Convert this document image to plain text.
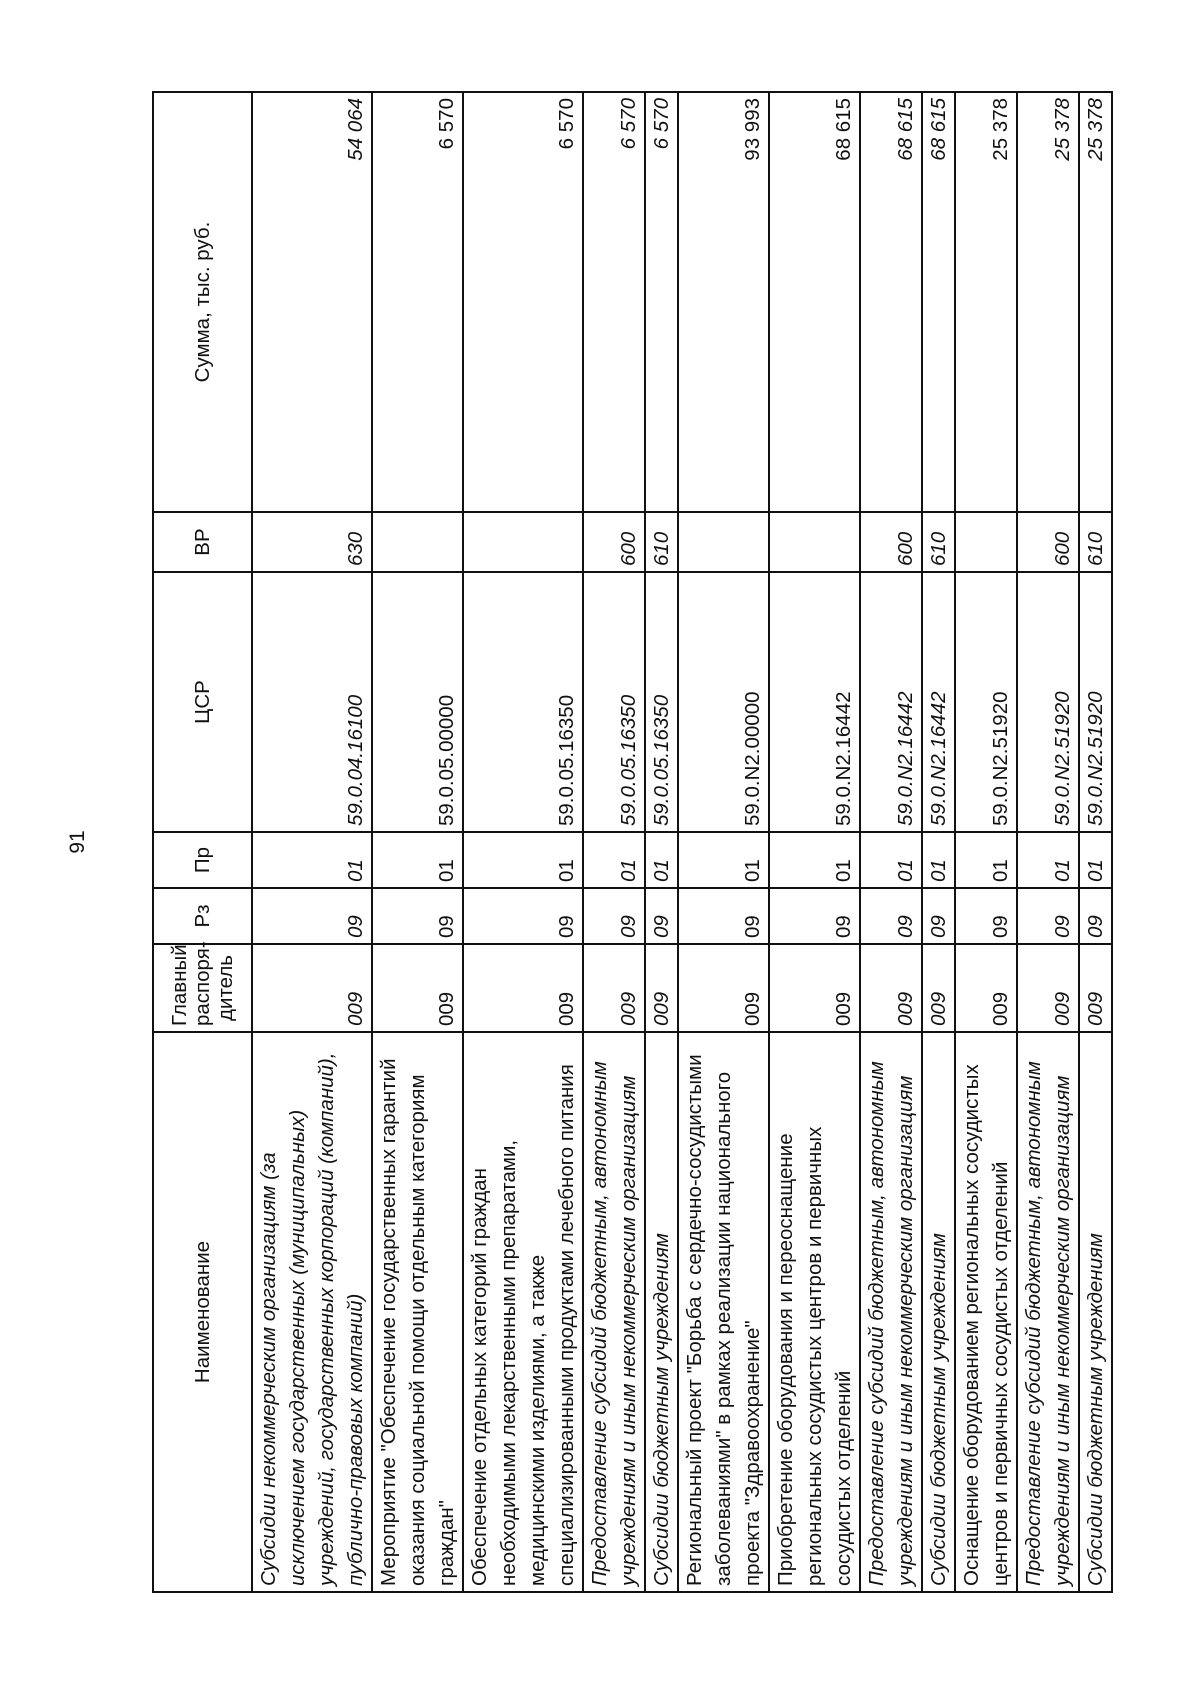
91
Наименование	Главный распоря-дитель	Рз	Пр	ЦСР	ВР	Сумма, тыс. руб.
Субсидии некоммерческим организациям (за исключением государственных (муниципальных) учреждений, государственных корпораций (компаний), публично-правовых компаний)	009	09	01	59.0.04.16100	630	54 064
Мероприятие "Обеспечение государственных гарантий оказания социальной помощи отдельным категориям граждан"	009	09	01	59.0.05.00000		6 570
Обеспечение отдельных категорий граждан необходимыми лекарственными препаратами, медицинскими изделиями, а также специализированными продуктами лечебного питания	009	09	01	59.0.05.16350		6 570
Предоставление субсидий бюджетным, автономным учреждениям и иным некоммерческим организациям	009	09	01	59.0.05.16350	600	6 570
Субсидии бюджетным учреждениям	009	09	01	59.0.05.16350	610	6 570
Региональный проект "Борьба с сердечно-сосудистыми заболеваниями" в рамках реализации национального проекта "Здравоохранение"	009	09	01	59.0.N2.00000		93 993
Приобретение оборудования и переоснащение региональных сосудистых центров и первичных сосудистых отделений	009	09	01	59.0.N2.16442		68 615
Предоставление субсидий бюджетным, автономным учреждениям и иным некоммерческим организациям	009	09	01	59.0.N2.16442	600	68 615
Субсидии бюджетным учреждениям	009	09	01	59.0.N2.16442	610	68 615
Оснащение оборудованием региональных сосудистых центров и первичных сосудистых отделений	009	09	01	59.0.N2.51920		25 378
Предоставление субсидий бюджетным, автономным учреждениям и иным некоммерческим организациям	009	09	01	59.0.N2.51920	600	25 378
Субсидии бюджетным учреждениям	009	09	01	59.0.N2.51920	610	25 378
